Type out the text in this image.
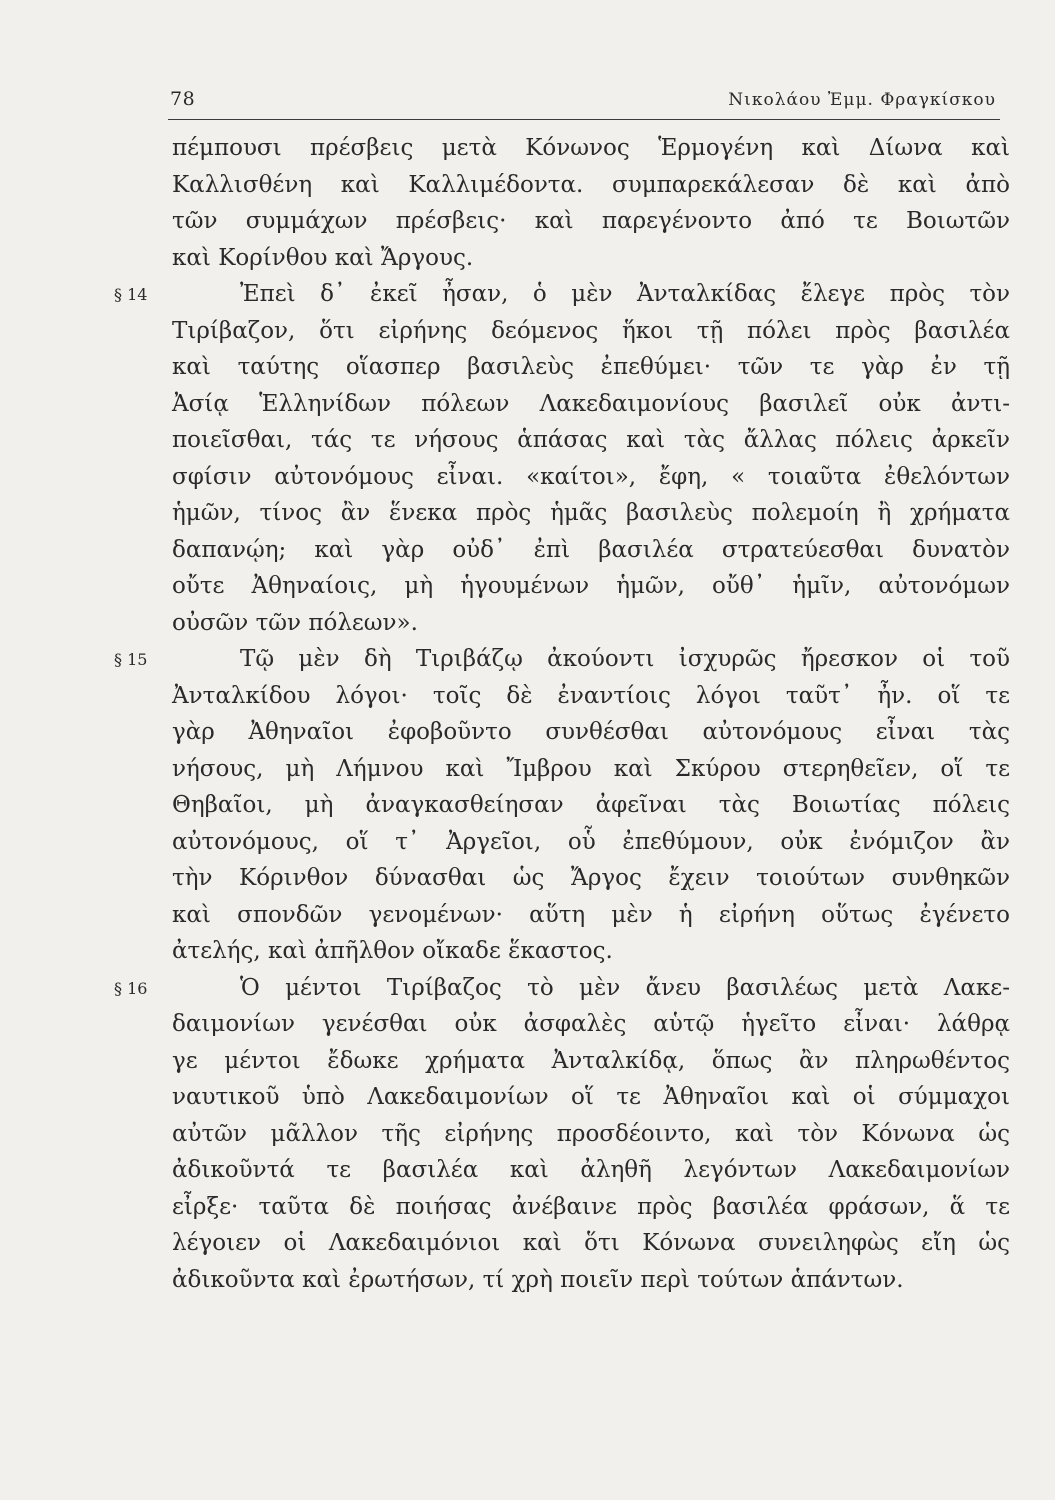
78	Νικολάου Ἐμμ. Φραγκίσκου
πέμπουσι πρέσβεις μετὰ Κόνωνος Ἑρμογένη καὶ Δίωνα καὶ
Καλλισθένη καὶ Καλλιμέδοντα. συμπαρεκάλεσαν δὲ καὶ ἀπὸ
τῶν συμμάχων πρέσβεις· καὶ παρεγένοντο ἀπό τε Βοιωτῶν
καὶ Κορίνθου καὶ Ἄργους.
§ 14	Ἐπεὶ δ᾽ ἐκεῖ ἦσαν, ὁ μὲν Ἀνταλκίδας ἔλεγε πρὸς τὸν
Τιρίβαζον, ὅτι εἰρήνης δεόμενος ἥκοι τῇ πόλει πρὸς βασιλέα
καὶ ταύτης οἵασπερ βασιλεὺς ἐπεθύμει· τῶν τε γὰρ ἐν τῇ
Ἀσίᾳ Ἑλληνίδων πόλεων Λακεδαιμονίους βασιλεῖ οὐκ ἀντι-
ποιεῖσθαι, τάς τε νήσους ἁπάσας καὶ τὰς ἄλλας πόλεις ἀρκεῖν
σφίσιν αὐτονόμους εἶναι. «καίτοι», ἔφη, « τοιαῦτα ἐθελόντων
ἡμῶν, τίνος ἂν ἕνεκα πρὸς ἡμᾶς βασιλεὺς πολεμοίη ἢ χρήματα
δαπανῴη; καὶ γὰρ οὐδ᾽ ἐπὶ βασιλέα στρατεύεσθαι δυνατὸν
οὔτε Ἀθηναίοις, μὴ ἡγουμένων ἡμῶν, οὔθ᾽ ἡμῖν, αὐτονόμων
οὐσῶν τῶν πόλεων».
§ 15	Τῷ μὲν δὴ Τιριβάζῳ ἀκούοντι ἰσχυρῶς ἤρεσκον οἱ τοῦ
Ἀνταλκίδου λόγοι· τοῖς δὲ ἐναντίοις λόγοι ταῦτ᾽ ἦν. οἵ τε
γὰρ Ἀθηναῖοι ἐφοβοῦντο συνθέσθαι αὐτονόμους εἶναι τὰς
νήσους, μὴ Λήμνου καὶ Ἴμβρου καὶ Σκύρου στερηθεῖεν, οἵ τε
Θηβαῖοι, μὴ ἀναγκασθείησαν ἀφεῖναι τὰς Βοιωτίας πόλεις
αὐτονόμους, οἵ τ᾽ Ἀργεῖοι, οὗ ἐπεθύμουν, οὐκ ἐνόμιζον ἂν
τὴν Κόρινθον δύνασθαι ὡς Ἄργος ἔχειν τοιούτων συνθηκῶν
καὶ σπονδῶν γενομένων· αὕτη μὲν ἡ εἰρήνη οὕτως ἐγένετο
ἀτελής, καὶ ἀπῆλθον οἴκαδε ἕκαστος.
§ 16	Ὁ μέντοι Τιρίβαζος τὸ μὲν ἄνευ βασιλέως μετὰ Λακε-
δαιμονίων γενέσθαι οὐκ ἀσφαλὲς αὑτῷ ἡγεῖτο εἶναι· λάθρᾳ
γε μέντοι ἔδωκε χρήματα Ἀνταλκίδᾳ, ὅπως ἂν πληρωθέντος
ναυτικοῦ ὑπὸ Λακεδαιμονίων οἵ τε Ἀθηναῖοι καὶ οἱ σύμμαχοι
αὐτῶν μᾶλλον τῆς εἰρήνης προσδέοιντο, καὶ τὸν Κόνωνα ὡς
ἀδικοῦντά τε βασιλέα καὶ ἀληθῆ λεγόντων Λακεδαιμονίων
εἶρξε· ταῦτα δὲ ποιήσας ἀνέβαινε πρὸς βασιλέα φράσων, ἅ τε
λέγοιεν οἱ Λακεδαιμόνιοι καὶ ὅτι Κόνωνα συνειληφὼς εἴη ὡς
ἀδικοῦντα καὶ ἐρωτήσων, τί χρὴ ποιεῖν περὶ τούτων ἁπάντων.
